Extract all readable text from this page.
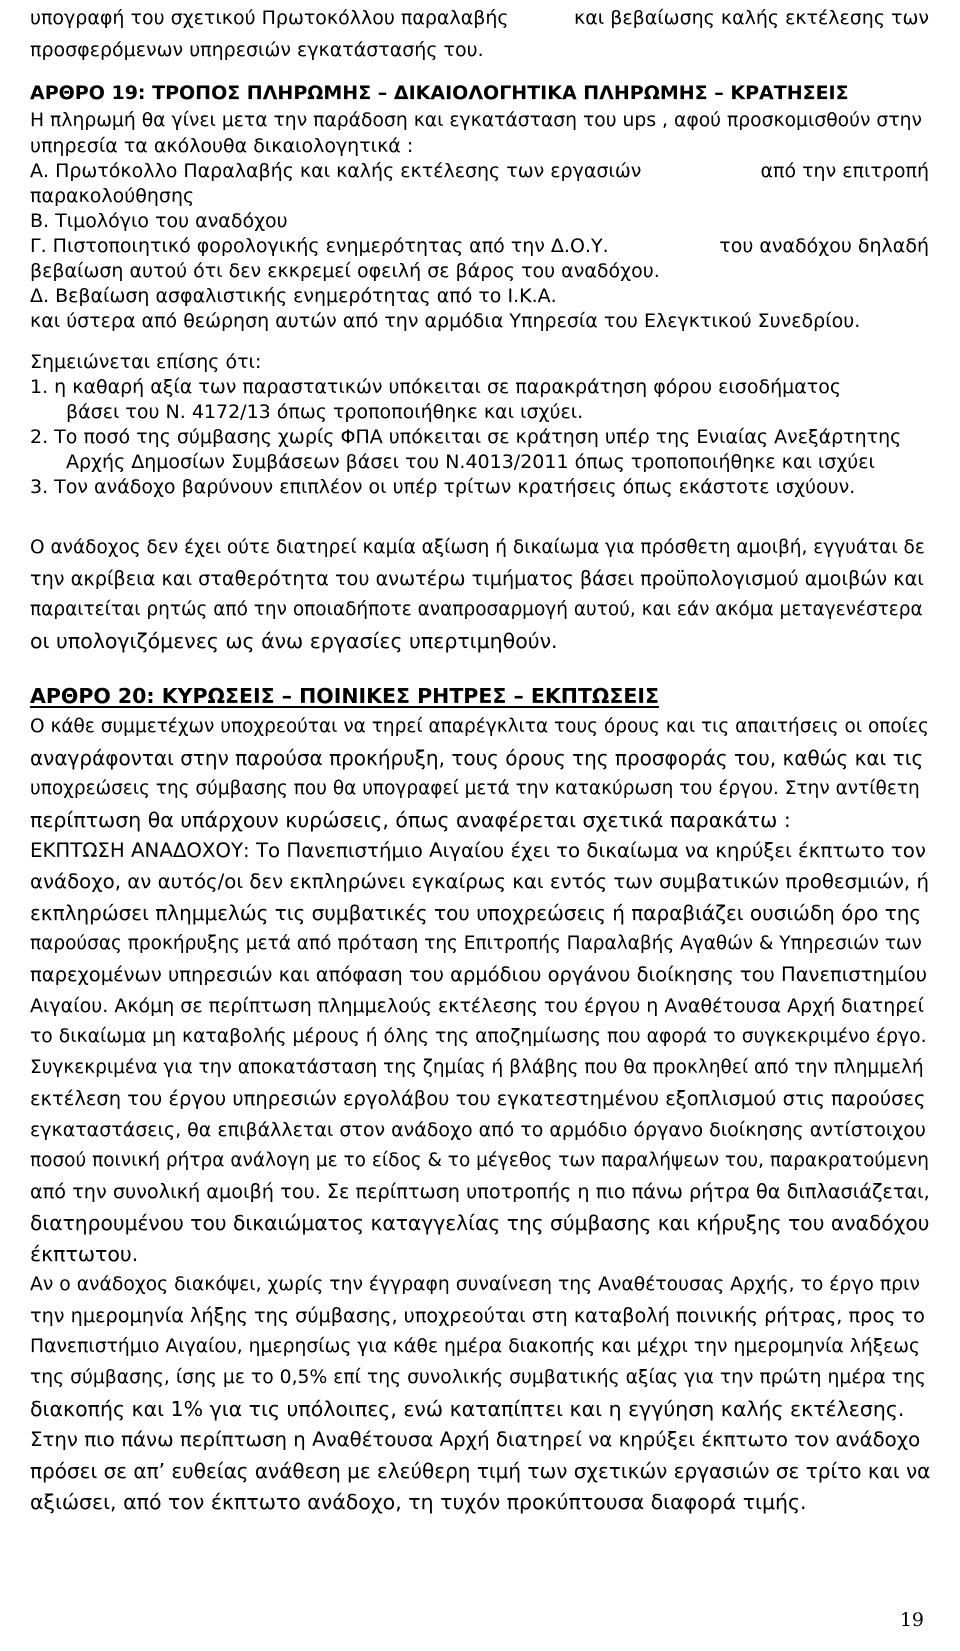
υπογραφή του σχετικού Πρωτοκόλλου παραλαβής	και βεβαίωσης καλής εκτέλεσης των
προσφερόμενων υπηρεσιών εγκατάστασής του.
ΑΡΘΡΟ 19: ΤΡΟΠΟΣ ΠΛΗΡΩΜΗΣ – ΔΙΚΑΙΟΛΟΓΗΤΙΚΑ ΠΛΗΡΩΜΗΣ – ΚΡΑΤΗΣΕΙΣ
Η πληρωμή θα γίνει μετα την παράδοση και εγκατάσταση του ups , αφού προσκομισθούν στην
υπηρεσία τα ακόλουθα δικαιολογητικά :
Α. Πρωτόκολλο Παραλαβής και καλής εκτέλεσης των εργασιών	από την επιτροπή
παρακολούθησης
Β. Τιμολόγιο του αναδόχου
Γ. Πιστοποιητικό φορολογικής ενημερότητας από την Δ.Ο.Υ.	του αναδόχου δηλαδή
βεβαίωση αυτού ότι δεν εκκρεμεί οφειλή σε βάρος του αναδόχου.
Δ. Βεβαίωση ασφαλιστικής ενημερότητας από το Ι.Κ.Α.
και ύστερα από θεώρηση αυτών από την αρμόδια Υπηρεσία του Ελεγκτικού Συνεδρίου.
Σημειώνεται επίσης ότι:
1. η καθαρή αξία των παραστατικών υπόκειται σε παρακράτηση φόρου εισοδήματος
βάσει του Ν. 4172/13 όπως τροποποιήθηκε και ισχύει.
2. Το ποσό της σύμβασης χωρίς ΦΠΑ υπόκειται σε κράτηση υπέρ της Ενιαίας Ανεξάρτητης
Αρχής Δημοσίων Συμβάσεων βάσει του Ν.4013/2011 όπως τροποποιήθηκε και ισχύει
3. Τον ανάδοχο βαρύνουν επιπλέον οι υπέρ τρίτων κρατήσεις όπως εκάστοτε ισχύουν.
Ο ανάδοχος δεν έχει ούτε διατηρεί καμία αξίωση ή δικαίωμα για πρόσθετη αμοιβή, εγγυάται δε
την ακρίβεια και σταθερότητα του ανωτέρω τιμήματος βάσει προϋπολογισμού αμοιβών και
παραιτείται ρητώς από την οποιαδήποτε αναπροσαρμογή αυτού, και εάν ακόμα μεταγενέστερα
οι υπολογιζόμενες ως άνω εργασίες υπερτιμηθούν.
ΑΡΘΡΟ 20: ΚΥΡΩΣΕΙΣ – ΠΟΙΝΙΚΕΣ ΡΗΤΡΕΣ – ΕΚΠΤΩΣΕΙΣ
Ο κάθε συμμετέχων υποχρεούται να τηρεί απαρέγκλιτα τους όρους και τις απαιτήσεις οι οποίες
αναγράφονται στην παρούσα προκήρυξη, τους όρους της προσφοράς του, καθώς και τις
υποχρεώσεις της σύμβασης που θα υπογραφεί μετά την κατακύρωση του έργου. Στην αντίθετη
περίπτωση θα υπάρχουν κυρώσεις, όπως αναφέρεται σχετικά παρακάτω :
ΕΚΠΤΩΣΗ ΑΝΑΔΟΧΟΥ: Το Πανεπιστήμιο Αιγαίου έχει το δικαίωμα να κηρύξει έκπτωτο τον
ανάδοχο, αν αυτός/οι δεν εκπληρώνει εγκαίρως και εντός των συμβατικών προθεσμιών, ή
εκπληρώσει πλημμελώς τις συμβατικές του υποχρεώσεις ή παραβιάζει ουσιώδη όρο της
παρούσας προκήρυξης μετά από πρόταση της Επιτροπής Παραλαβής Αγαθών & Υπηρεσιών των
παρεχομένων υπηρεσιών και απόφαση του αρμόδιου οργάνου διοίκησης του Πανεπιστημίου
Αιγαίου. Ακόμη σε περίπτωση πλημμελούς εκτέλεσης του έργου η Αναθέτουσα Αρχή διατηρεί
το δικαίωμα μη καταβολής μέρους ή όλης της αποζημίωσης που αφορά το συγκεκριμένο έργο.
Συγκεκριμένα για την αποκατάσταση της ζημίας ή βλάβης που θα προκληθεί από την πλημμελή
εκτέλεση του έργου υπηρεσιών εργολάβου του εγκατεστημένου εξοπλισμού στις παρούσες
εγκαταστάσεις, θα επιβάλλεται στον ανάδοχο από το αρμόδιο όργανο διοίκησης αντίστοιχου
ποσού ποινική ρήτρα ανάλογη με το είδος & το μέγεθος των παραλήψεων του, παρακρατούμενη
από την συνολική αμοιβή του. Σε περίπτωση υποτροπής η πιο πάνω ρήτρα θα διπλασιάζεται,
διατηρουμένου του δικαιώματος καταγγελίας της σύμβασης και κήρυξης του αναδόχου
έκπτωτου.
Αν ο ανάδοχος διακόψει, χωρίς την έγγραφη συναίνεση της Αναθέτουσας Αρχής, το έργο πριν
την ημερομηνία λήξης της σύμβασης, υποχρεούται στη καταβολή ποινικής ρήτρας, προς το
Πανεπιστήμιο Αιγαίου, ημερησίως για κάθε ημέρα διακοπής και μέχρι την ημερομηνία λήξεως
της σύμβασης, ίσης με το 0,5% επί της συνολικής συμβατικής αξίας για την πρώτη ημέρα της
διακοπής και 1% για τις υπόλοιπες, ενώ καταπίπτει και η εγγύηση καλής εκτέλεσης.
Στην πιο πάνω περίπτωση η Αναθέτουσα Αρχή διατηρεί να κηρύξει έκπτωτο τον ανάδοχο
πρόσει σε απ’ ευθείας ανάθεση με ελεύθερη τιμή των σχετικών εργασιών σε τρίτο και να
αξιώσει, από τον έκπτωτο ανάδοχο, τη τυχόν προκύπτουσα διαφορά τιμής.
19
